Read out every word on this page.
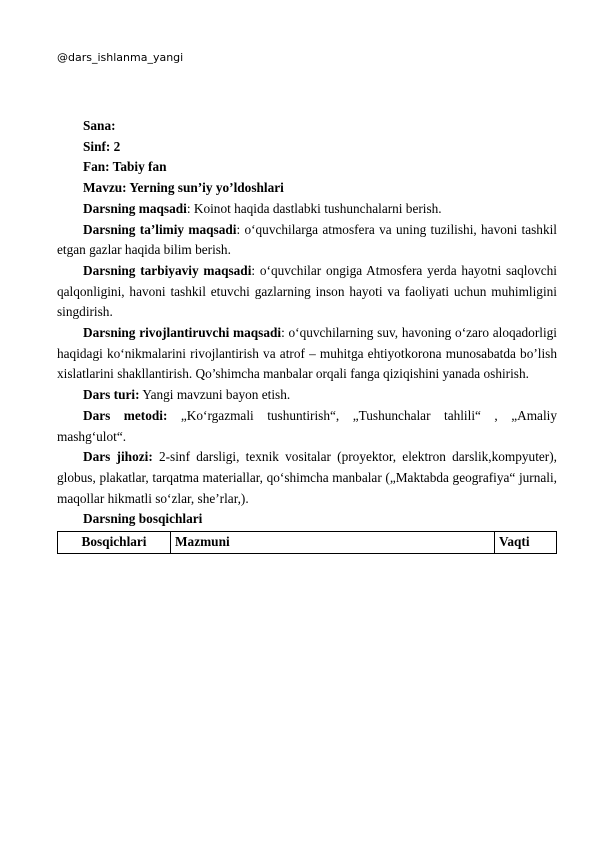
@dars_ishlanma_yangi

Sana:

Sinf: 2

Fan: Tabiy fan

Mavzu: Yerning sun’iy yo’ldoshlari

Darsning maqsadi: Koinot haqida dastlabki tushunchalarni berish.

Darsning ta’limiy maqsadi: o‘quvchilarga atmosfera va uning tuzilishi, havoni tashkil etgan gazlar haqida bilim berish.

Darsning tarbiyaviy maqsadi: o‘quvchilar ongiga Atmosfera yerda hayotni saqlovchi qalqonligini, havoni tashkil etuvchi gazlarning inson hayoti va faoliyati uchun muhimligini singdirish.

Darsning rivojlantiruvchi maqsadi: o‘quvchilarning suv, havoning o‘zaro aloqadorligi haqidagi ko‘nikmalarini rivojlantirish va atrof – muhitga ehtiyotkorona munosabatda bo’lish xislatlarini shakllantirish. Qo’shimcha manbalar orqali fanga qiziqishini yanada oshirish.

Dars turi: Yangi mavzuni bayon etish.

Dars metodi: „Ko‘rgazmali tushuntirish“, „Tushunchalar tahlili“ , „Amaliy mashg‘ulot“.

Dars jihozi: 2-sinf darsligi, texnik vositalar (proyektor, elektron darslik,kompyuter), globus, plakatlar, tarqatma materiallar, qo‘shimcha manbalar („Maktabda geografiya“ jurnali, maqollar hikmatli so‘zlar, she’rlar,).

Darsning bosqichlari

Bosqichlari	Mazmuni	Vaqti
